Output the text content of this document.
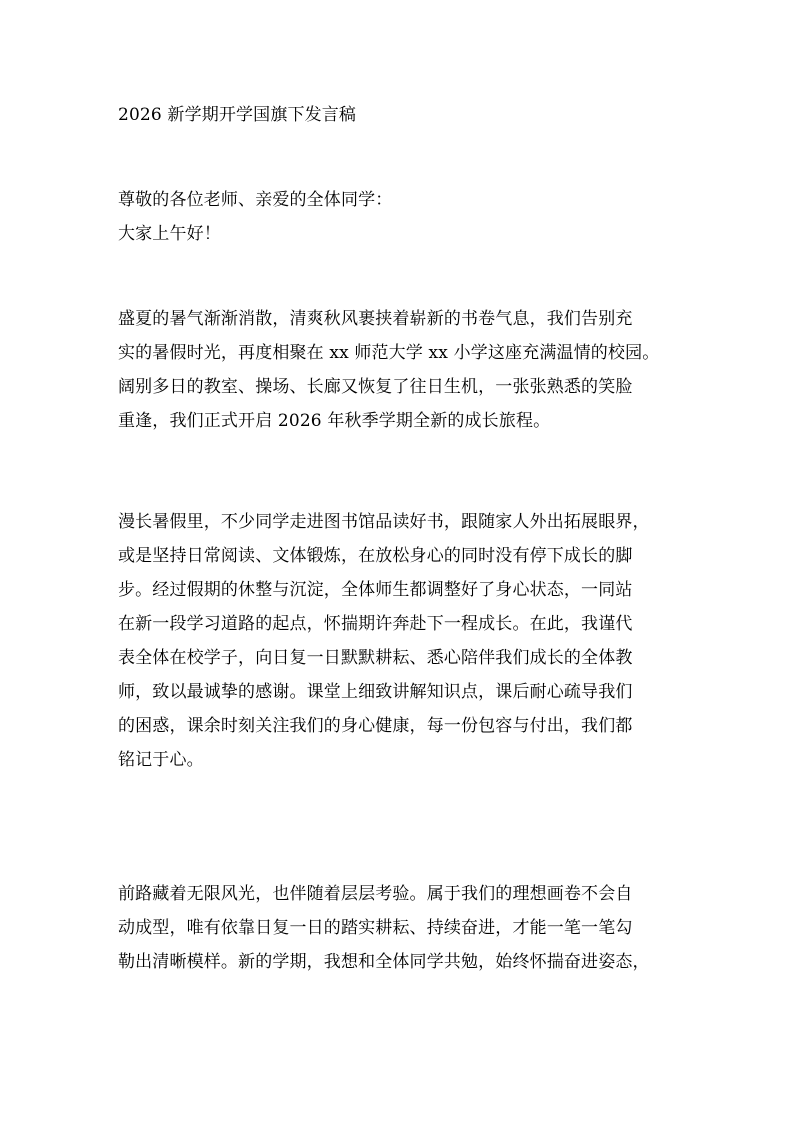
2026 新学期开学国旗下发言稿

尊敬的各位老师、亲爱的全体同学：

大家上午好！

盛夏的暑气渐渐消散，清爽秋风裹挟着崭新的书卷气息，我们告别充
实的暑假时光，再度相聚在 xx 师范大学 xx 小学这座充满温情的校园。
阔别多日的教室、操场、长廊又恢复了往日生机，一张张熟悉的笑脸
重逢，我们正式开启 2026 年秋季学期全新的成长旅程。
漫长暑假里，不少同学走进图书馆品读好书，跟随家人外出拓展眼界，
或是坚持日常阅读、文体锻炼，在放松身心的同时没有停下成长的脚
步。经过假期的休整与沉淀，全体师生都调整好了身心状态，一同站
在新一段学习道路的起点，怀揣期许奔赴下一程成长。在此，我谨代
表全体在校学子，向日复一日默默耕耘、悉心陪伴我们成长的全体教
师，致以最诚挚的感谢。课堂上细致讲解知识点，课后耐心疏导我们
的困惑，课余时刻关注我们的身心健康，每一份包容与付出，我们都
铭记于心。
前路藏着无限风光，也伴随着层层考验。属于我们的理想画卷不会自
动成型，唯有依靠日复一日的踏实耕耘、持续奋进，才能一笔一笔勾
勒出清晰模样。新的学期，我想和全体同学共勉，始终怀揣奋进姿态，
